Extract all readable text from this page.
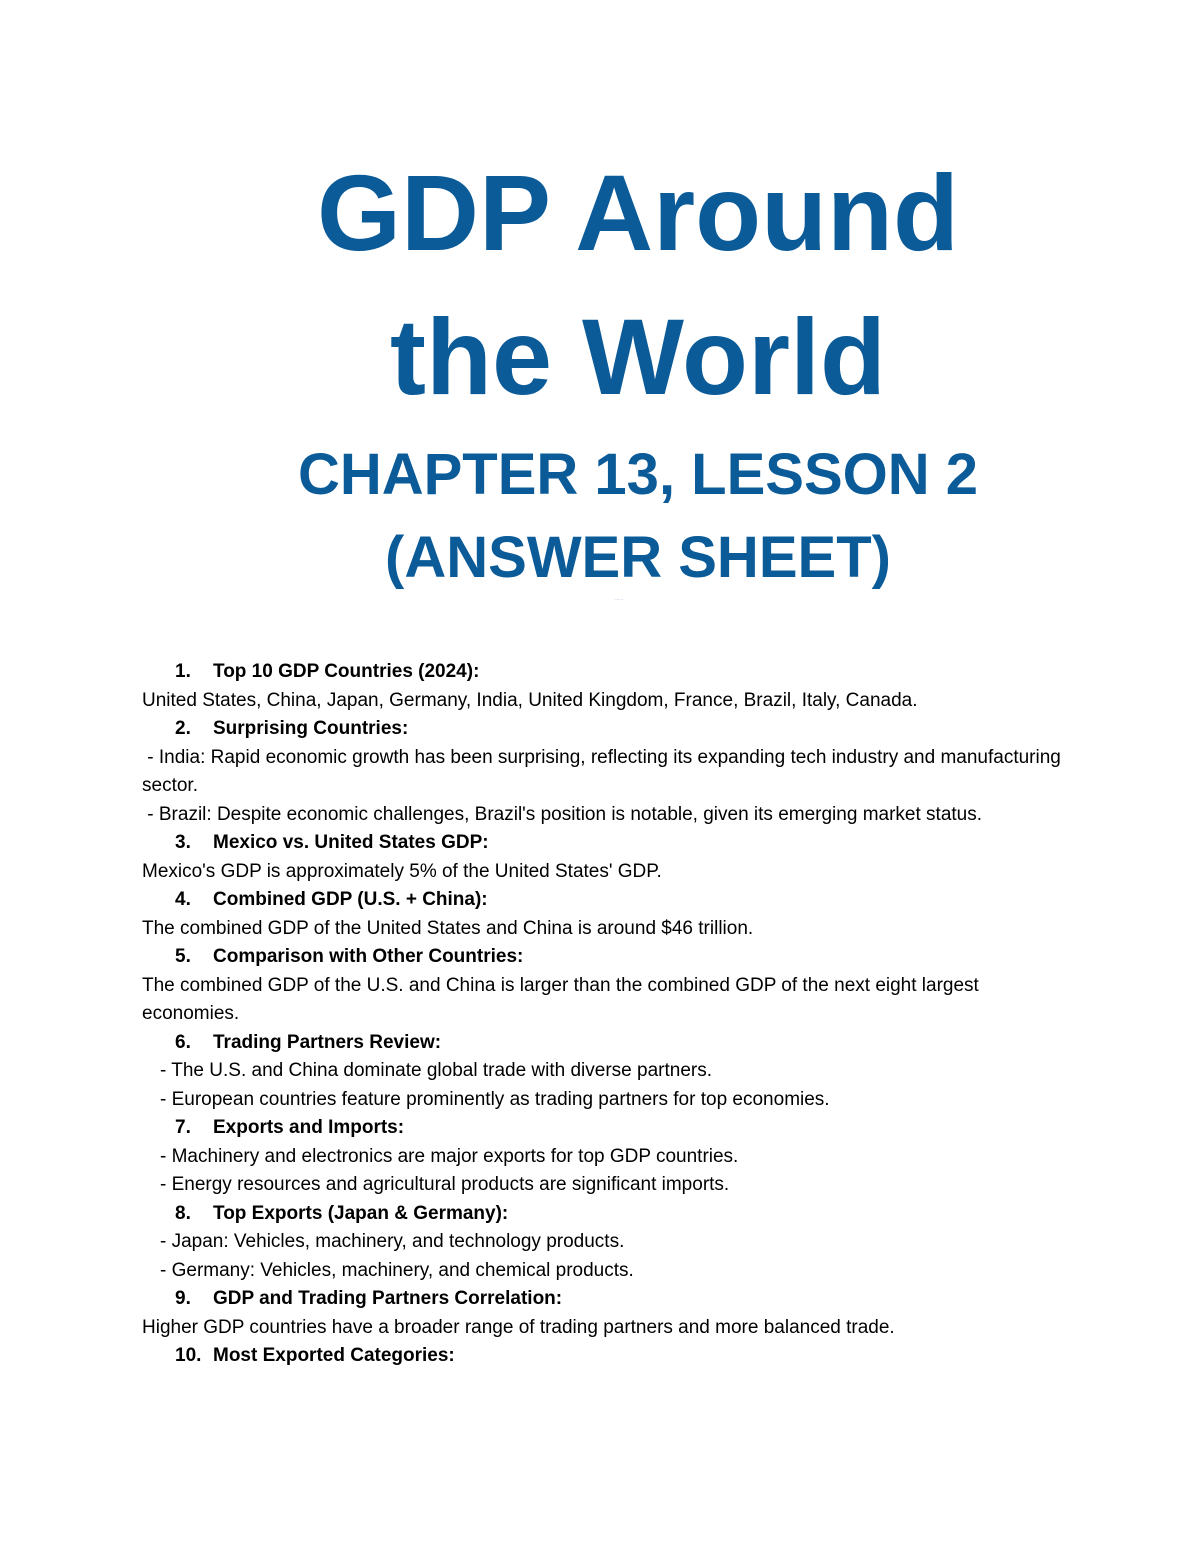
GDP Around
the World
CHAPTER 13, LESSON 2
(ANSWER SHEET)
·······
1. Top 10 GDP Countries (2024):

United States, China, Japan, Germany, India, United Kingdom, France, Brazil, Italy, Canada.

2. Surprising Countries:

- India: Rapid economic growth has been surprising, reflecting its expanding tech industry and manufacturing sector.

- Brazil: Despite economic challenges, Brazil's position is notable, given its emerging market status.

3. Mexico vs. United States GDP:

Mexico's GDP is approximately 5% of the United States' GDP.

4. Combined GDP (U.S. + China):

The combined GDP of the United States and China is around $46 trillion.

5. Comparison with Other Countries:

The combined GDP of the U.S. and China is larger than the combined GDP of the next eight largest economies.

6. Trading Partners Review:

- The U.S. and China dominate global trade with diverse partners.

- European countries feature prominently as trading partners for top economies.

7. Exports and Imports:

- Machinery and electronics are major exports for top GDP countries.

- Energy resources and agricultural products are significant imports.

8. Top Exports (Japan & Germany):

- Japan: Vehicles, machinery, and technology products.

- Germany: Vehicles, machinery, and chemical products.

9. GDP and Trading Partners Correlation:

Higher GDP countries have a broader range of trading partners and more balanced trade.

10. Most Exported Categories:
